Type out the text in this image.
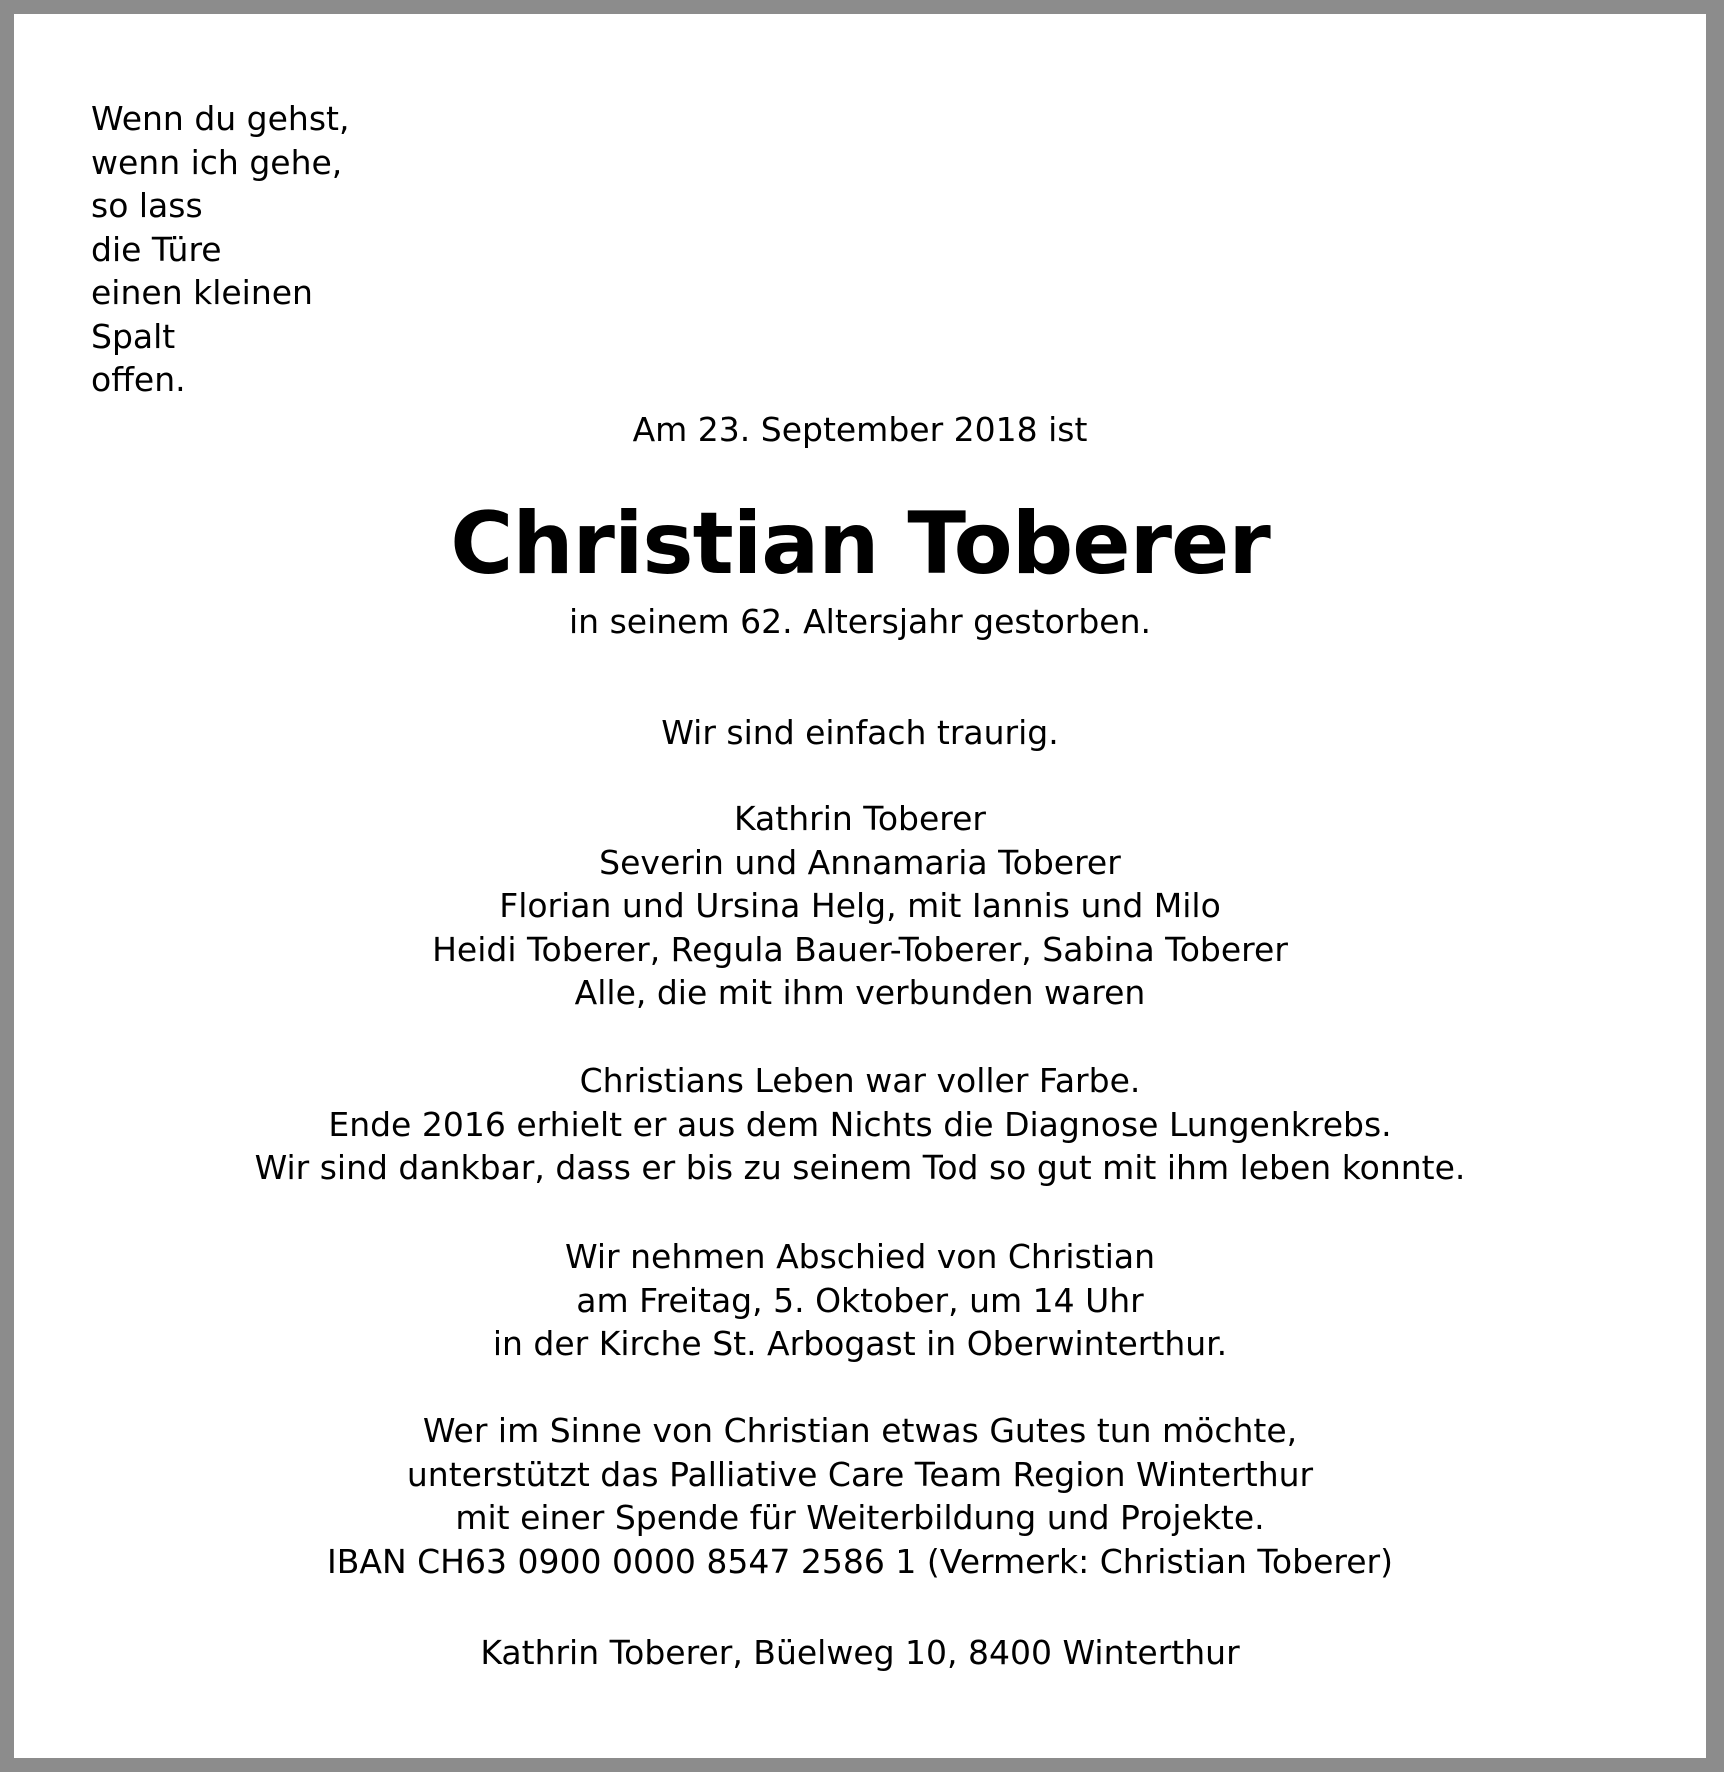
Wenn du gehst,
wenn ich gehe,
so lass
die Türe
einen kleinen
Spalt
offen.
Am 23. September 2018 ist
Christian Toberer
in seinem 62. Altersjahr gestorben.
Wir sind einfach traurig.
Kathrin Toberer
Severin und Annamaria Toberer
Florian und Ursina Helg, mit Iannis und Milo
Heidi Toberer, Regula Bauer-Toberer, Sabina Toberer
Alle, die mit ihm verbunden waren
Christians Leben war voller Farbe.
Ende 2016 erhielt er aus dem Nichts die Diagnose Lungenkrebs.
Wir sind dankbar, dass er bis zu seinem Tod so gut mit ihm leben konnte.
Wir nehmen Abschied von Christian
am Freitag, 5. Oktober, um 14 Uhr
in der Kirche St. Arbogast in Oberwinterthur.
Wer im Sinne von Christian etwas Gutes tun möchte,
unterstützt das Palliative Care Team Region Winterthur
mit einer Spende für Weiterbildung und Projekte.
IBAN CH63 0900 0000 8547 2586 1 (Vermerk: Christian Toberer)
Kathrin Toberer, Büelweg 10, 8400 Winterthur
